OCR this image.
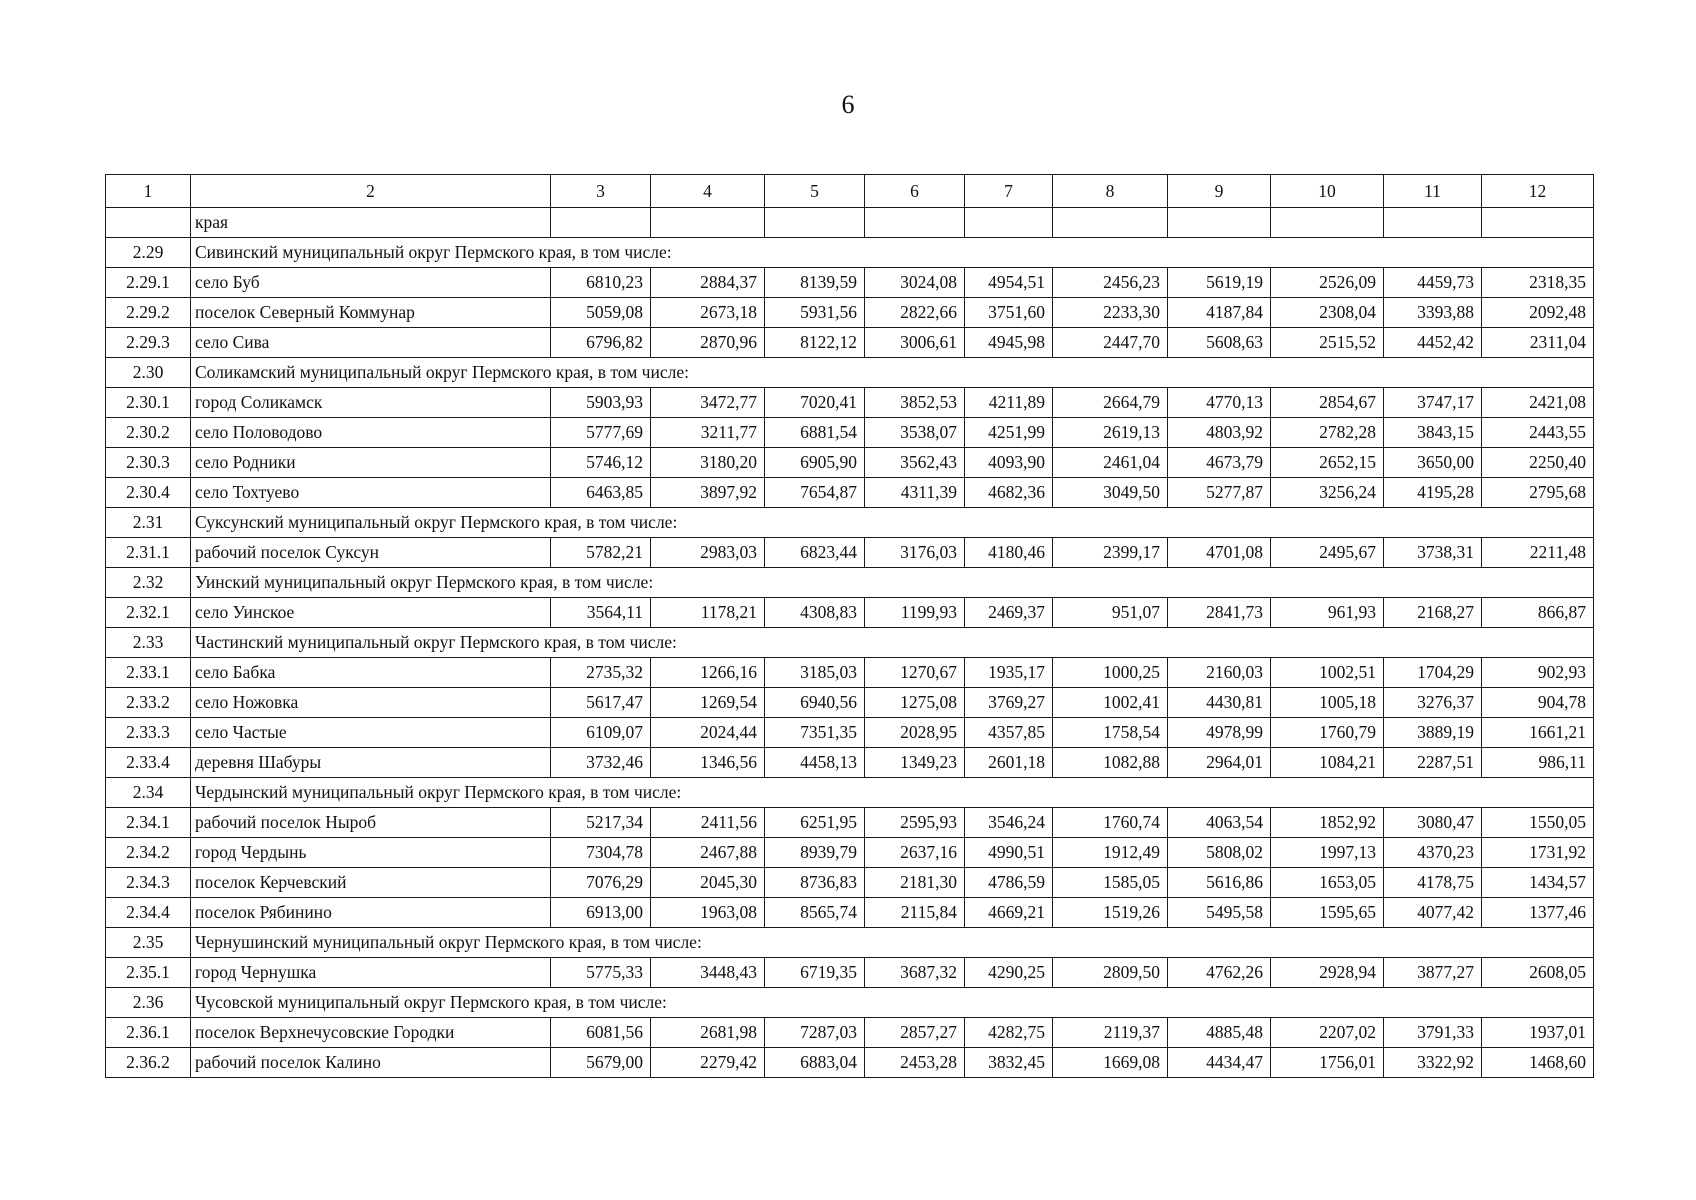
6
1	2	3	4	5	6	7	8	9	10	11	12
	края										
2.29	Сивинский муниципальный округ Пермского края, в том числе:										
2.29.1	село Буб	6810,23	2884,37	8139,59	3024,08	4954,51	2456,23	5619,19	2526,09	4459,73	2318,35
2.29.2	поселок Северный Коммунар	5059,08	2673,18	5931,56	2822,66	3751,60	2233,30	4187,84	2308,04	3393,88	2092,48
2.29.3	село Сива	6796,82	2870,96	8122,12	3006,61	4945,98	2447,70	5608,63	2515,52	4452,42	2311,04
2.30	Соликамский муниципальный округ Пермского края, в том числе:										
2.30.1	город Соликамск	5903,93	3472,77	7020,41	3852,53	4211,89	2664,79	4770,13	2854,67	3747,17	2421,08
2.30.2	село Половодово	5777,69	3211,77	6881,54	3538,07	4251,99	2619,13	4803,92	2782,28	3843,15	2443,55
2.30.3	село Родники	5746,12	3180,20	6905,90	3562,43	4093,90	2461,04	4673,79	2652,15	3650,00	2250,40
2.30.4	село Тохтуево	6463,85	3897,92	7654,87	4311,39	4682,36	3049,50	5277,87	3256,24	4195,28	2795,68
2.31	Суксунский муниципальный округ Пермского края, в том числе:										
2.31.1	рабочий поселок Суксун	5782,21	2983,03	6823,44	3176,03	4180,46	2399,17	4701,08	2495,67	3738,31	2211,48
2.32	Уинский муниципальный округ Пермского края, в том числе:										
2.32.1	село Уинское	3564,11	1178,21	4308,83	1199,93	2469,37	951,07	2841,73	961,93	2168,27	866,87
2.33	Частинский муниципальный округ Пермского края, в том числе:										
2.33.1	село Бабка	2735,32	1266,16	3185,03	1270,67	1935,17	1000,25	2160,03	1002,51	1704,29	902,93
2.33.2	село Ножовка	5617,47	1269,54	6940,56	1275,08	3769,27	1002,41	4430,81	1005,18	3276,37	904,78
2.33.3	село Частые	6109,07	2024,44	7351,35	2028,95	4357,85	1758,54	4978,99	1760,79	3889,19	1661,21
2.33.4	деревня Шабуры	3732,46	1346,56	4458,13	1349,23	2601,18	1082,88	2964,01	1084,21	2287,51	986,11
2.34	Чердынский муниципальный округ Пермского края, в том числе:										
2.34.1	рабочий поселок Ныроб	5217,34	2411,56	6251,95	2595,93	3546,24	1760,74	4063,54	1852,92	3080,47	1550,05
2.34.2	город Чердынь	7304,78	2467,88	8939,79	2637,16	4990,51	1912,49	5808,02	1997,13	4370,23	1731,92
2.34.3	поселок Керчевский	7076,29	2045,30	8736,83	2181,30	4786,59	1585,05	5616,86	1653,05	4178,75	1434,57
2.34.4	поселок Рябинино	6913,00	1963,08	8565,74	2115,84	4669,21	1519,26	5495,58	1595,65	4077,42	1377,46
2.35	Чернушинский муниципальный округ Пермского края, в том числе:										
2.35.1	город Чернушка	5775,33	3448,43	6719,35	3687,32	4290,25	2809,50	4762,26	2928,94	3877,27	2608,05
2.36	Чусовской муниципальный округ Пермского края, в том числе:										
2.36.1	поселок Верхнечусовские Городки	6081,56	2681,98	7287,03	2857,27	4282,75	2119,37	4885,48	2207,02	3791,33	1937,01
2.36.2	рабочий поселок Калино	5679,00	2279,42	6883,04	2453,28	3832,45	1669,08	4434,47	1756,01	3322,92	1468,60
